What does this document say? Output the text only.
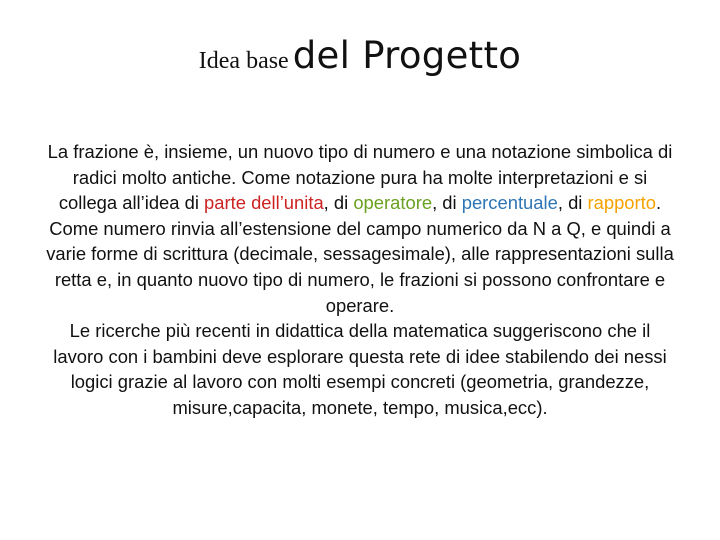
Idea base del Progetto

La frazione è, insieme, un nuovo tipo di numero e una notazione simbolica di radici molto antiche. Come notazione pura ha molte interpretazioni e si collega all’idea di parte dell’unita, di operatore, di percentuale, di rapporto. Come numero rinvia all’estensione del campo numerico da N a Q, e quindi a varie forme di scrittura (decimale, sessagesimale), alle rappresentazioni sulla retta e, in quanto nuovo tipo di numero, le frazioni si possono confrontare e operare.

Le ricerche più recenti in didattica della matematica suggeriscono che il lavoro con i bambini deve esplorare questa rete di idee stabilendo dei nessi logici grazie al lavoro con molti esempi concreti (geometria, grandezze, misure,capacita, monete, tempo, musica,ecc).
